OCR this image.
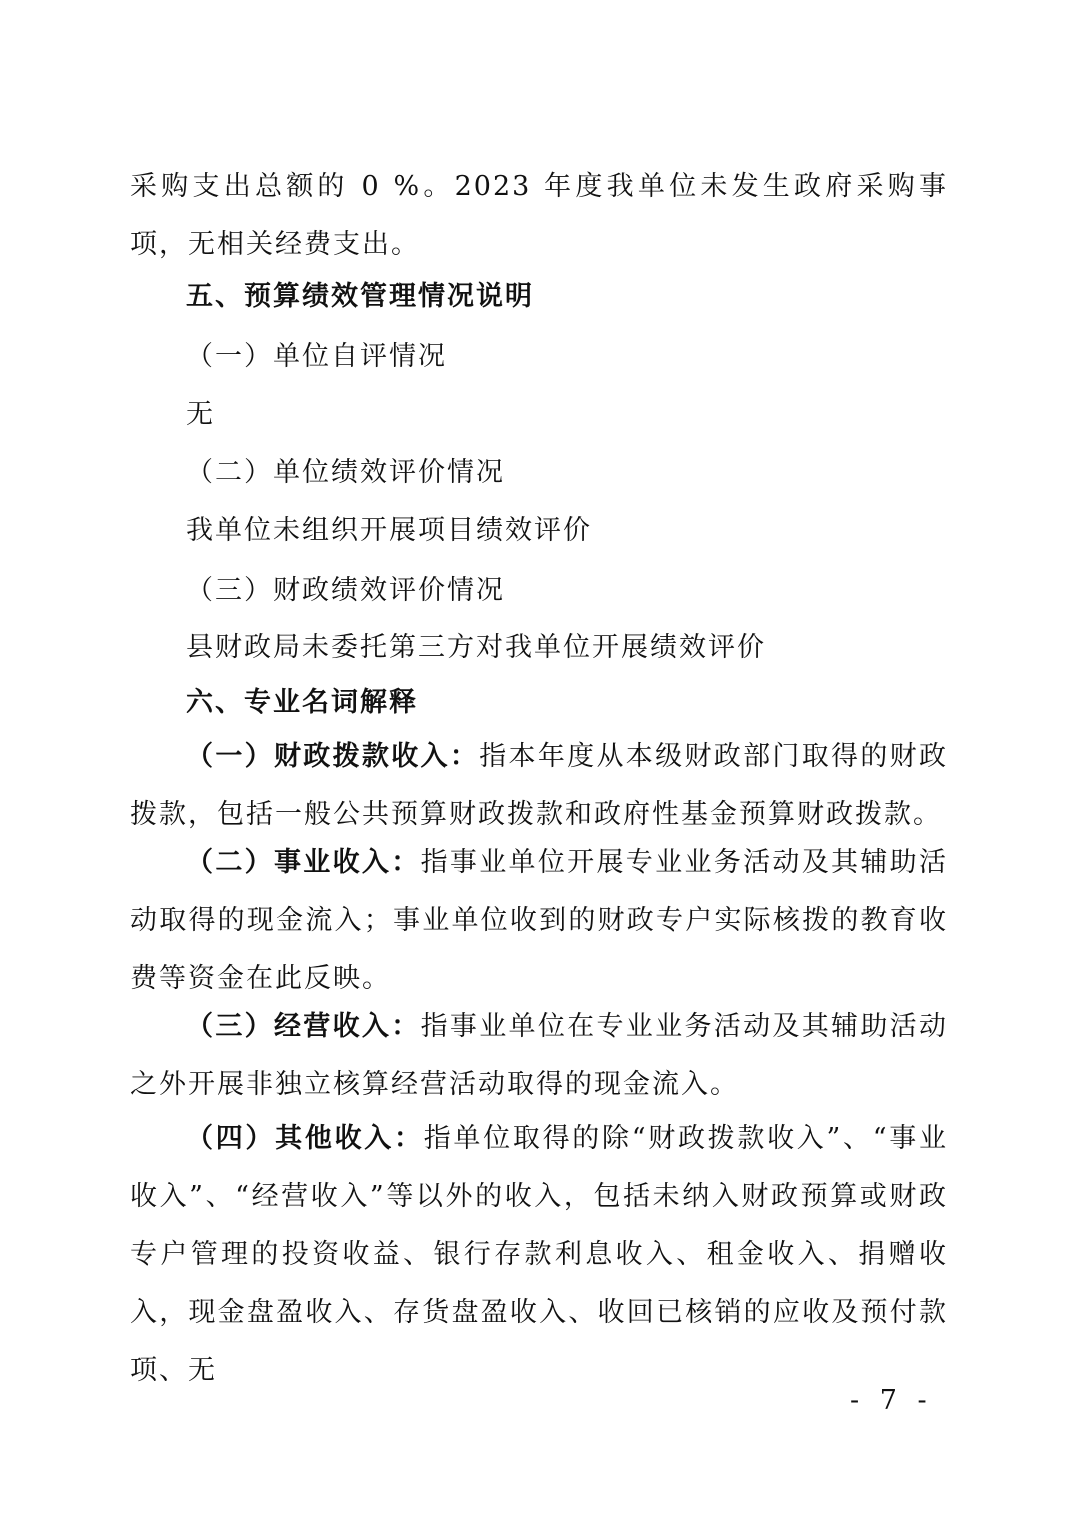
采购支出总额的 0 %。2023 年度我单位未发生政府采购事项，无相关经费支出。
五、预算绩效管理情况说明
（一）单位自评情况
无
（二）单位绩效评价情况
我单位未组织开展项目绩效评价
（三）财政绩效评价情况
县财政局未委托第三方对我单位开展绩效评价
六、专业名词解释
（一）财政拨款收入：指本年度从本级财政部门取得的财政拨款，包括一般公共预算财政拨款和政府性基金预算财政拨款。
（二）事业收入：指事业单位开展专业业务活动及其辅助活动取得的现金流入；事业单位收到的财政专户实际核拨的教育收费等资金在此反映。
（三）经营收入：指事业单位在专业业务活动及其辅助活动之外开展非独立核算经营活动取得的现金流入。
（四）其他收入：指单位取得的除“财政拨款收入”、“事业收入”、“经营收入”等以外的收入，包括未纳入财政预算或财政专户管理的投资收益、银行存款利息收入、租金收入、捐赠收入，现金盘盈收入、存货盘盈收入、收回已核销的应收及预付款项、无
- 7 -
